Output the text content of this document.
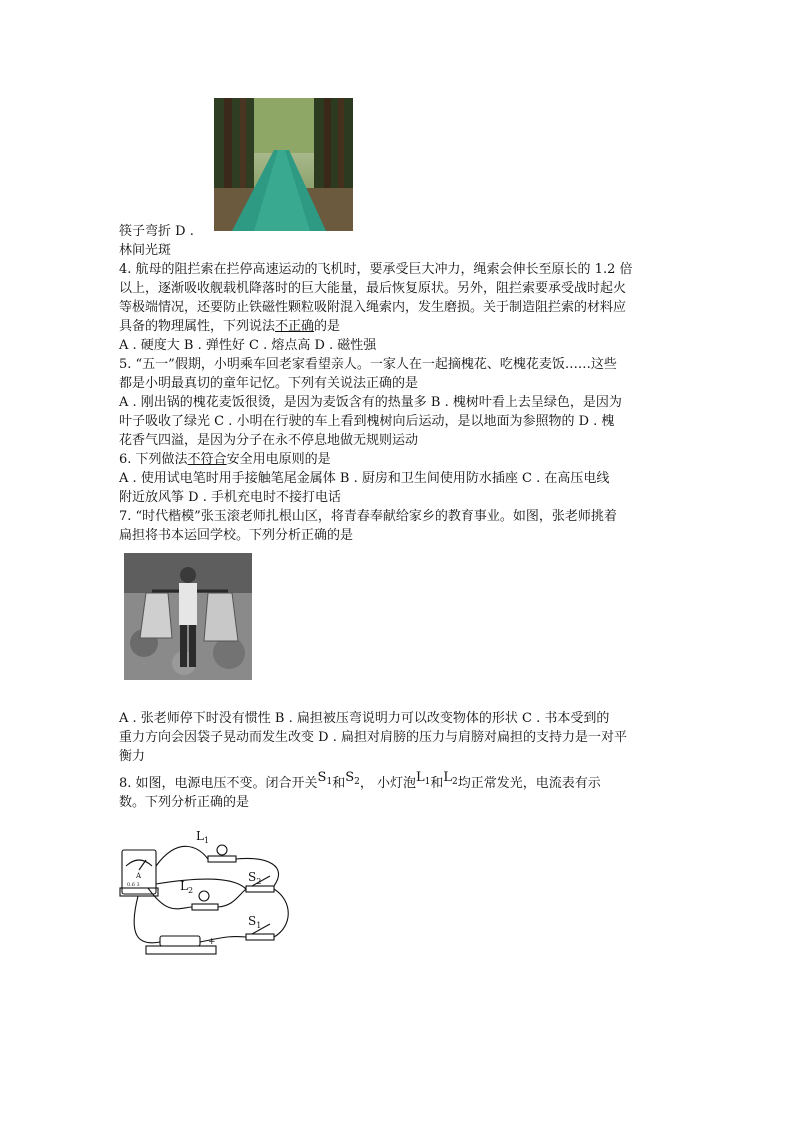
筷子弯折 D .
林间光斑
4. 航母的阻拦索在拦停高速运动的飞机时，要承受巨大冲力，绳索会伸长至原长的 1.2 倍
以上，逐渐吸收舰载机降落时的巨大能量，最后恢复原状。另外，阻拦索要承受战时起火
等极端情况，还要防止铁磁性颗粒吸附混入绳索内，发生磨损。关于制造阻拦索的材料应
具备的物理属性，下列说法不正确的是
A . 硬度大 B . 弹性好 C . 熔点高 D . 磁性强
5. “五一”假期，小明乘车回老家看望亲人。一家人在一起摘槐花、吃槐花麦饭……这些
都是小明最真切的童年记忆。下列有关说法正确的是
A . 刚出锅的槐花麦饭很烫，是因为麦饭含有的热量多 B . 槐树叶看上去呈绿色，是因为
叶子吸收了绿光 C . 小明在行驶的车上看到槐树向后运动，是以地面为参照物的 D . 槐
花香气四溢，是因为分子在永不停息地做无规则运动
6. 下列做法不符合安全用电原则的是
A . 使用试电笔时用手接触笔尾金属体 B . 厨房和卫生间使用防水插座 C . 在高压电线
附近放风筝 D . 手机充电时不接打电话
7. “时代楷模”张玉滚老师扎根山区，将青春奉献给家乡的教育事业。如图，张老师挑着
扁担将书本运回学校。下列分析正确的是
A . 张老师停下时没有惯性 B . 扁担被压弯说明力可以改变物体的形状 C . 书本受到的
重力方向会因袋子晃动而发生改变 D . 扁担对肩膀的压力与肩膀对扁担的支持力是一对平
衡力
8. 如图，电源电压不变。闭合开关$S_1$和$S_2$， 小灯泡$L_1$和$L_2$均正常发光，电流表有示
数。下列分析正确的是
$L_1$
$L_2$
$S_2$
$S_1$
+
A
0.6 3
